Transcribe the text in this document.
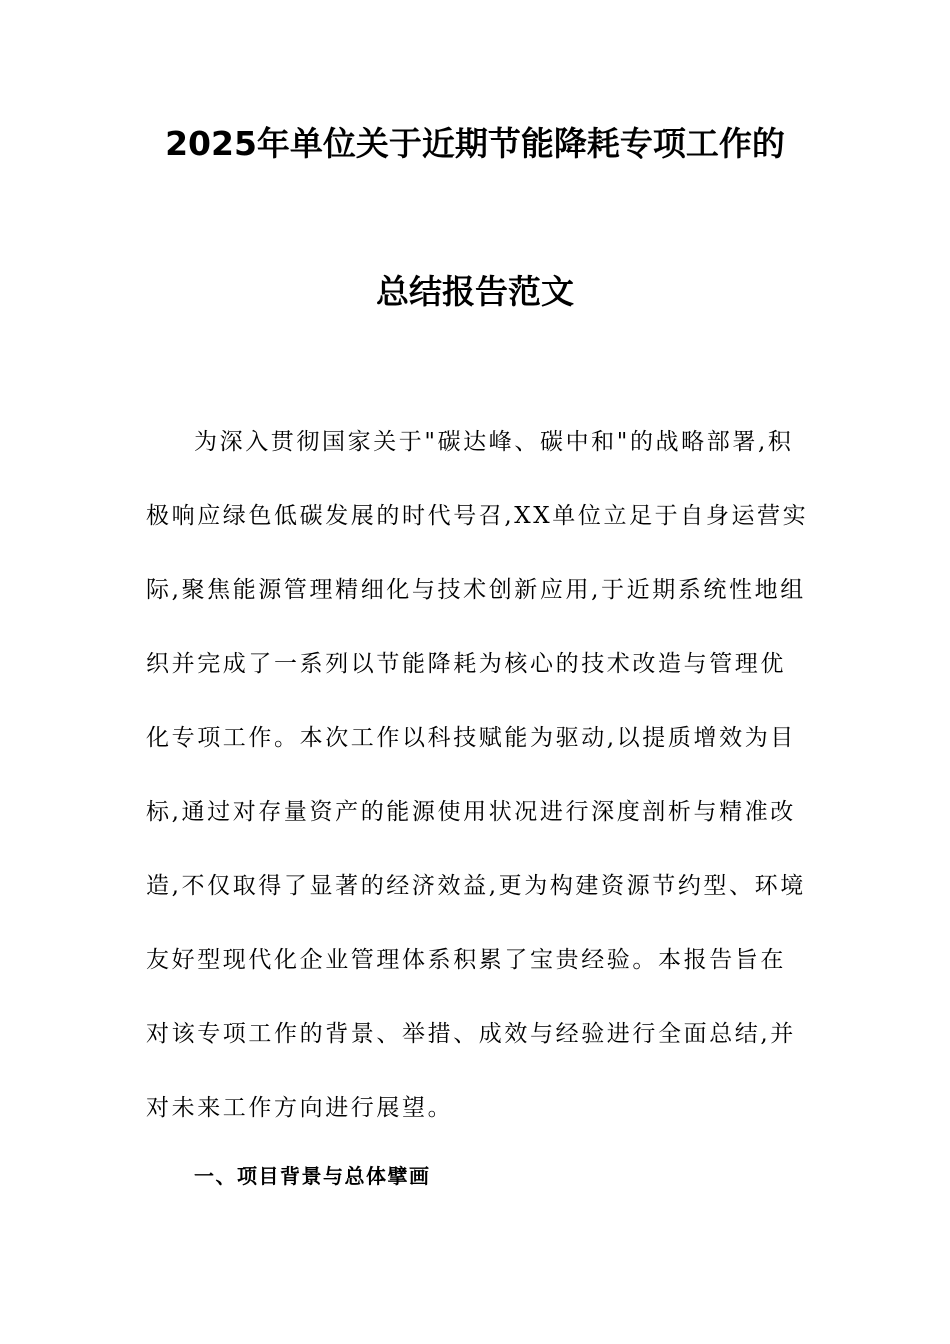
2025年单位关于近期节能降耗专项工作的
总结报告范文
为深入贯彻国家关于"碳达峰、碳中和"的战略部署,积
极响应绿色低碳发展的时代号召,XX单位立足于自身运营实
际,聚焦能源管理精细化与技术创新应用,于近期系统性地组
织并完成了一系列以节能降耗为核心的技术改造与管理优
化专项工作。本次工作以科技赋能为驱动,以提质增效为目
标,通过对存量资产的能源使用状况进行深度剖析与精准改
造,不仅取得了显著的经济效益,更为构建资源节约型、环境
友好型现代化企业管理体系积累了宝贵经验。本报告旨在
对该专项工作的背景、举措、成效与经验进行全面总结,并
对未来工作方向进行展望。
一、项目背景与总体擘画
